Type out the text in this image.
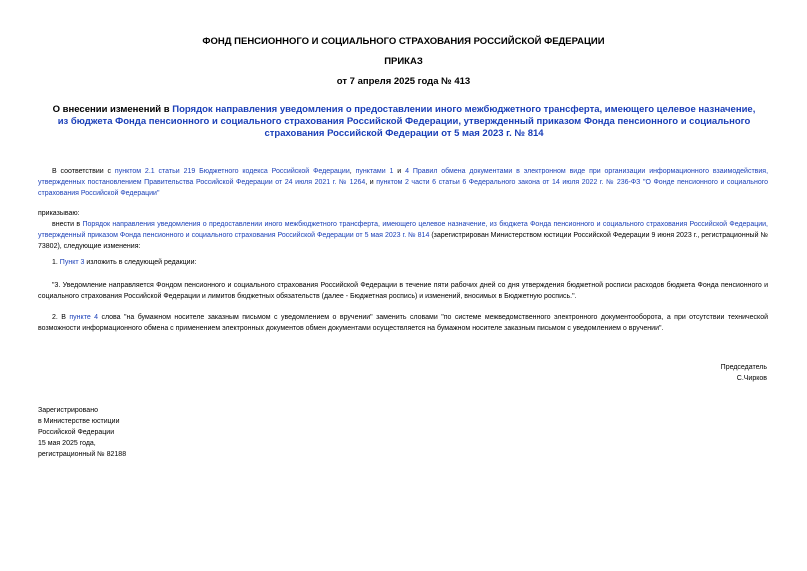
ФОНД ПЕНСИОННОГО И СОЦИАЛЬНОГО СТРАХОВАНИЯ РОССИЙСКОЙ ФЕДЕРАЦИИ
ПРИКАЗ
от 7 апреля 2025 года № 413
О внесении изменений в Порядок направления уведомления о предоставлении иного межбюджетного трансферта, имеющего целевое назначение, из бюджета Фонда пенсионного и социального страхования Российской Федерации, утвержденный приказом Фонда пенсионного и социального страхования Российской Федерации от 5 мая 2023 г. № 814
В соответствии с пунктом 2.1 статьи 219 Бюджетного кодекса Российской Федерации, пунктами 1 и 4 Правил обмена документами в электронном виде при организации информационного взаимодействия, утвержденных постановлением Правительства Российской Федерации от 24 июля 2021 г. № 1264, и пунктом 2 части 6 статьи 6 Федерального закона от 14 июля 2022 г. № 236-ФЗ "О Фонде пенсионного и социального страхования Российской Федерации"
приказываю:
внести в Порядок направления уведомления о предоставлении иного межбюджетного трансферта, имеющего целевое назначение, из бюджета Фонда пенсионного и социального страхования Российской Федерации, утвержденный приказом Фонда пенсионного и социального страхования Российской Федерации от 5 мая 2023 г. № 814 (зарегистрирован Министерством юстиции Российской Федерации 9 июня 2023 г., регистрационный № 73802), следующие изменения:
1. Пункт 3 изложить в следующей редакции:
"3. Уведомление направляется Фондом пенсионного и социального страхования Российской Федерации в течение пяти рабочих дней со дня утверждения бюджетной росписи расходов бюджета Фонда пенсионного и социального страхования Российской Федерации и лимитов бюджетных обязательств (далее - Бюджетная роспись) и изменений, вносимых в Бюджетную роспись.".
2. В пункте 4 слова "на бумажном носителе заказным письмом с уведомлением о вручении" заменить словами "по системе межведомственного электронного документооборота, а при отсутствии технической возможности информационного обмена с применением электронных документов обмен документами осуществляется на бумажном носителе заказным письмом с уведомлением о вручении".
Председатель
С.Чирков
Зарегистрировано
в Министерстве юстиции
Российской Федерации
15 мая 2025 года,
регистрационный № 82188
